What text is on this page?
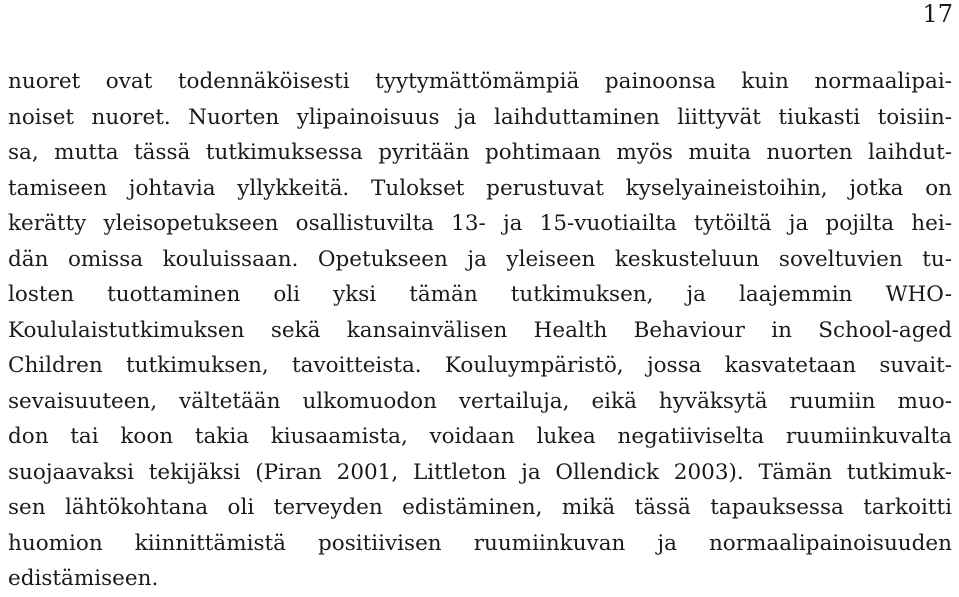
17
nuoret ovat todennäköisesti tyytymättömämpiä painoonsa kuin normaalipai-
noiset nuoret. Nuorten ylipainoisuus ja laihduttaminen liittyvät tiukasti toisiin-
sa, mutta tässä tutkimuksessa pyritään pohtimaan myös muita nuorten laihdut-
tamiseen johtavia yllykkeitä. Tulokset perustuvat kyselyaineistoihin, jotka on
kerätty yleisopetukseen osallistuvilta 13- ja 15-vuotiailta tytöiltä ja pojilta hei-
dän omissa kouluissaan. Opetukseen ja yleiseen keskusteluun soveltuvien tu-
losten tuottaminen oli yksi tämän tutkimuksen, ja laajemmin WHO-
Koululaistutkimuksen sekä kansainvälisen Health Behaviour in School-aged
Children tutkimuksen, tavoitteista. Kouluympäristö, jossa kasvatetaan suvait-
sevaisuuteen, vältetään ulkomuodon vertailuja, eikä hyväksytä ruumiin muo-
don tai koon takia kiusaamista, voidaan lukea negatiiviselta ruumiinkuvalta
suojaavaksi tekijäksi (Piran 2001, Littleton ja Ollendick 2003). Tämän tutkimuk-
sen lähtökohtana oli terveyden edistäminen, mikä tässä tapauksessa tarkoitti
huomion kiinnittämistä positiivisen ruumiinkuvan ja normaalipainoisuuden
edistämiseen.
